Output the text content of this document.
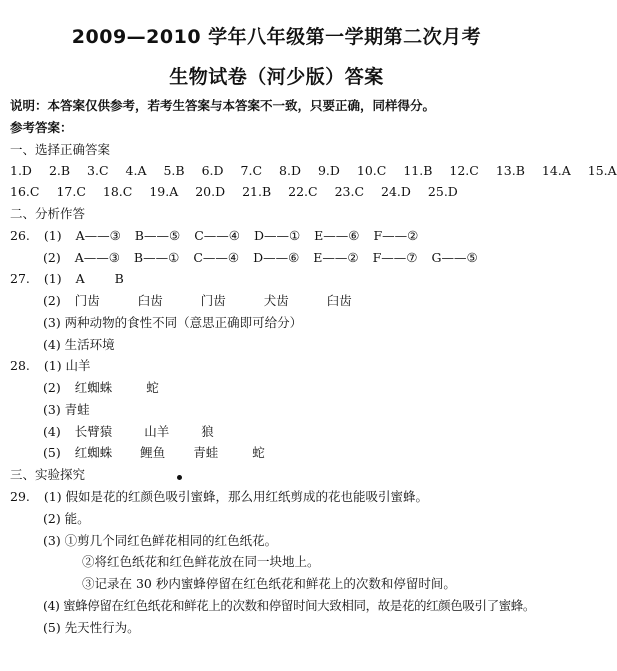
2009—2010 学年八年级第一学期第二次月考
生物试卷（河少版）答案
说明：本答案仅供参考，若考生答案与本答案不一致，只要正确，同样得分。
参考答案：
一、选择正确答案
1.D 2.B 3.C 4.A 5.B 6.D 7.C 8.D 9.D 10.C 11.B 12.C 13.B 14.A 15.A
16.C 17.C 18.C 19.A 20.D 21.B 22.C 23.C 24.D 25.D
二、分析作答
26. (1) A——③ B——⑤ C——④ D——① E——⑥ F——②
(2) A——③ B——① C——④ D——⑥ E——② F——⑦ G——⑤
27. (1) A B
(2) 门齿	臼齿	门齿	犬齿	臼齿
(3) 两种动物的食性不同（意思正确即可给分）
(4) 生活环境
28. (1) 山羊
(2) 红蜘蛛	蛇
(3) 青蛙
(4) 长臂猿	山羊	狼
(5) 红蜘蛛 鲤鱼 青蛙	蛇
三、实验探究
29. (1) 假如是花的红颜色吸引蜜蜂，那么用红纸剪成的花也能吸引蜜蜂。
(2) 能。
(3) ①剪几个同红色鲜花相同的红色纸花。
②将红色纸花和红色鲜花放在同一块地上。
③记录在 30 秒内蜜蜂停留在红色纸花和鲜花上的次数和停留时间。
(4) 蜜蜂停留在红色纸花和鲜花上的次数和停留时间大致相同，故是花的红颜色吸引了蜜蜂。
(5) 先天性行为。
